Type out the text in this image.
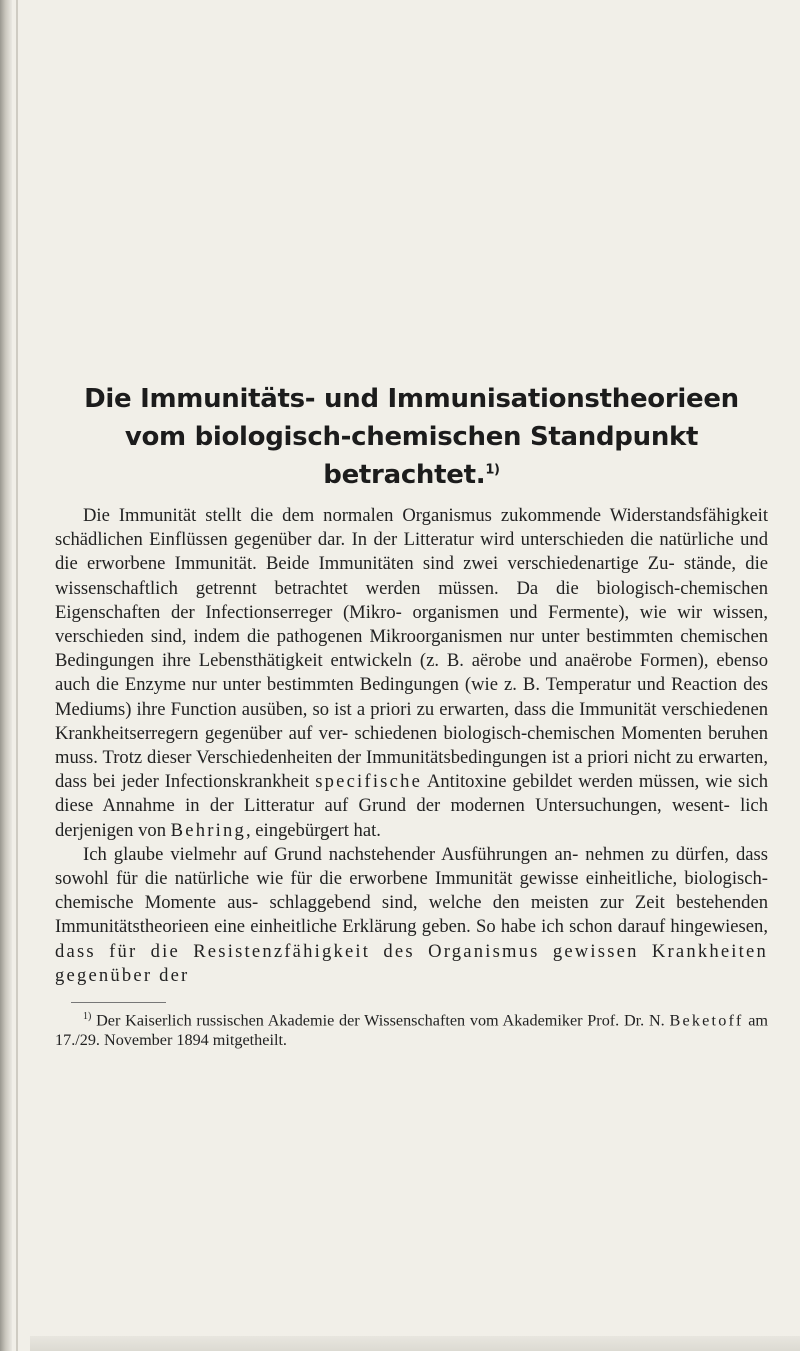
Die Immunitäts- und Immunisationstheorieen
vom biologisch-chemischen Standpunkt
betrachtet.$^{1)}$

Die Immunität stellt die dem normalen Organismus zukommende Widerstandsfähigkeit schädlichen Einflüssen gegenüber dar. In der Litteratur wird unterschieden die natürliche und die erworbene Immunität. Beide Immunitäten sind zwei verschiedenartige Zu- stände, die wissenschaftlich getrennt betrachtet werden müssen. Da die biologisch-chemischen Eigenschaften der Infectionserreger (Mikro- organismen und Fermente), wie wir wissen, verschieden sind, indem die pathogenen Mikroorganismen nur unter bestimmten chemischen Bedingungen ihre Lebensthätigkeit entwickeln (z. B. aërobe und anaërobe Formen), ebenso auch die Enzyme nur unter bestimmten Bedingungen (wie z. B. Temperatur und Reaction des Mediums) ihre Function ausüben, so ist a priori zu erwarten, dass die Immunität verschiedenen Krankheitserregern gegenüber auf ver- schiedenen biologisch-chemischen Momenten beruhen muss. Trotz dieser Verschiedenheiten der Immunitätsbedingungen ist a priori nicht zu erwarten, dass bei jeder Infectionskrankheit specifische Antitoxine gebildet werden müssen, wie sich diese Annahme in der Litteratur auf Grund der modernen Untersuchungen, wesent- lich derjenigen von Behring, eingebürgert hat.

Ich glaube vielmehr auf Grund nachstehender Ausführungen an- nehmen zu dürfen, dass sowohl für die natürliche wie für die erworbene Immunität gewisse einheitliche, biologisch-chemische Momente aus- schlaggebend sind, welche den meisten zur Zeit bestehenden Immunitätstheorieen eine einheitliche Erklärung geben. So habe ich schon darauf hingewiesen, dass für die Resistenzfähigkeit des Organismus gewissen Krankheiten gegenüber der

$^{1)}$ Der Kaiserlich russischen Akademie der Wissenschaften vom Akademiker Prof. Dr. N. Beketoff am 17./29. November 1894 mitgetheilt.
